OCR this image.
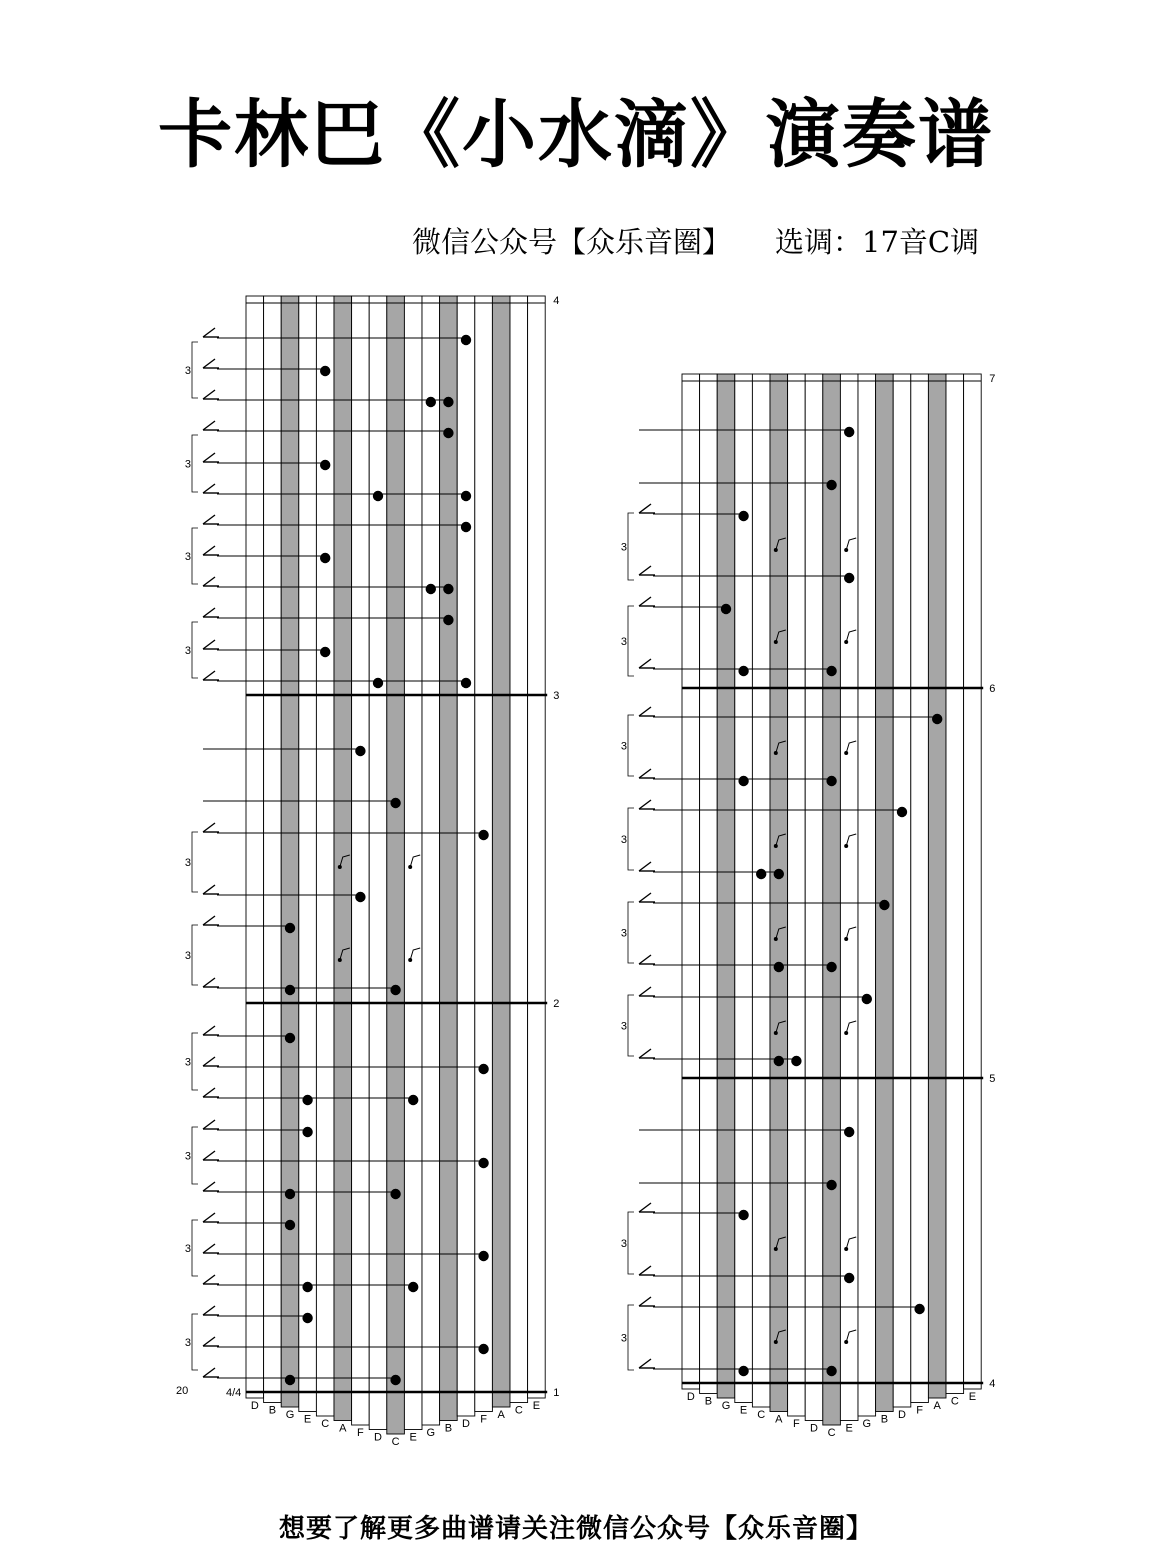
卡林巴《小水滴》演奏谱
微信公众号【众乐音圈】 选调：17音C调
D B G E C A F D C E G B D F A C E
4
3
2
1
3
3
3
3
3
3
3
3
3
3
4/4
20	D B G E C A F D C E G B D F A C E
7
6
5
4
3
3
3
3
3
3
3
3
想要了解更多曲谱请关注微信公众号【众乐音圈】
